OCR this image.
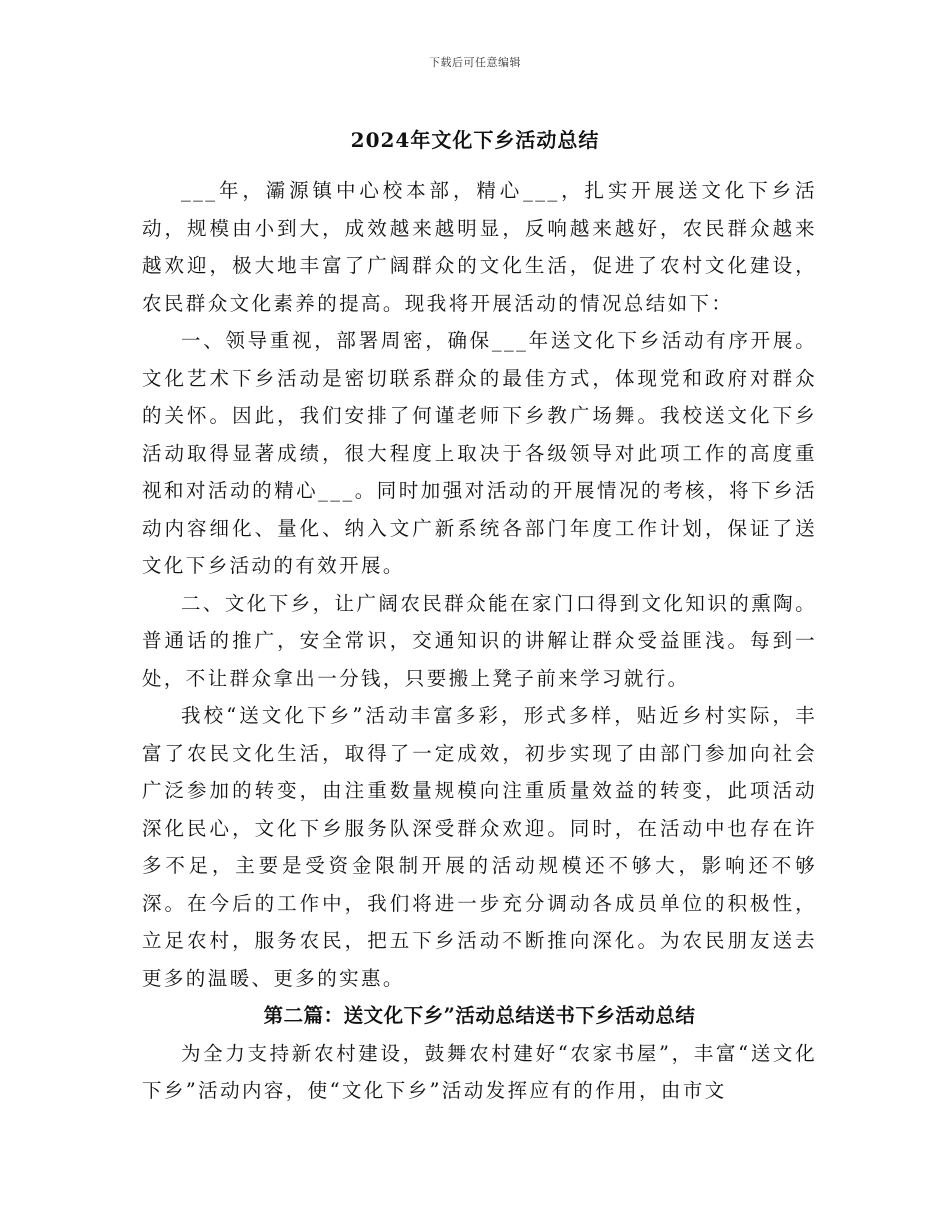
下载后可任意编辑
2024年文化下乡活动总结

___年，灞源镇中心校本部，精心___，扎实开展送文化下乡活动，规模由小到大，成效越来越明显，反响越来越好，农民群众越来越欢迎，极大地丰富了广阔群众的文化生活，促进了农村文化建设，农民群众文化素养的提高。现我将开展活动的情况总结如下：

一、领导重视，部署周密，确保___年送文化下乡活动有序开展。文化艺术下乡活动是密切联系群众的最佳方式，体现党和政府对群众的关怀。因此，我们安排了何谨老师下乡教广场舞。我校送文化下乡活动取得显著成绩，很大程度上取决于各级领导对此项工作的高度重视和对活动的精心___。同时加强对活动的开展情况的考核，将下乡活动内容细化、量化、纳入文广新系统各部门年度工作计划，保证了送文化下乡活动的有效开展。

二、文化下乡，让广阔农民群众能在家门口得到文化知识的熏陶。普通话的推广，安全常识，交通知识的讲解让群众受益匪浅。每到一处，不让群众拿出一分钱，只要搬上凳子前来学习就行。

我校“送文化下乡”活动丰富多彩，形式多样，贴近乡村实际，丰富了农民文化生活，取得了一定成效，初步实现了由部门参加向社会广泛参加的转变，由注重数量规模向注重质量效益的转变，此项活动深化民心，文化下乡服务队深受群众欢迎。同时，在活动中也存在许多不足，主要是受资金限制开展的活动规模还不够大，影响还不够深。在今后的工作中，我们将进一步充分调动各成员单位的积极性，立足农村，服务农民，把五下乡活动不断推向深化。为农民朋友送去更多的温暖、更多的实惠。

第二篇：送文化下乡”活动总结送书下乡活动总结

为全力支持新农村建设，鼓舞农村建好“农家书屋”，丰富“送文化下乡”活动内容，使“文化下乡”活动发挥应有的作用，由市文
